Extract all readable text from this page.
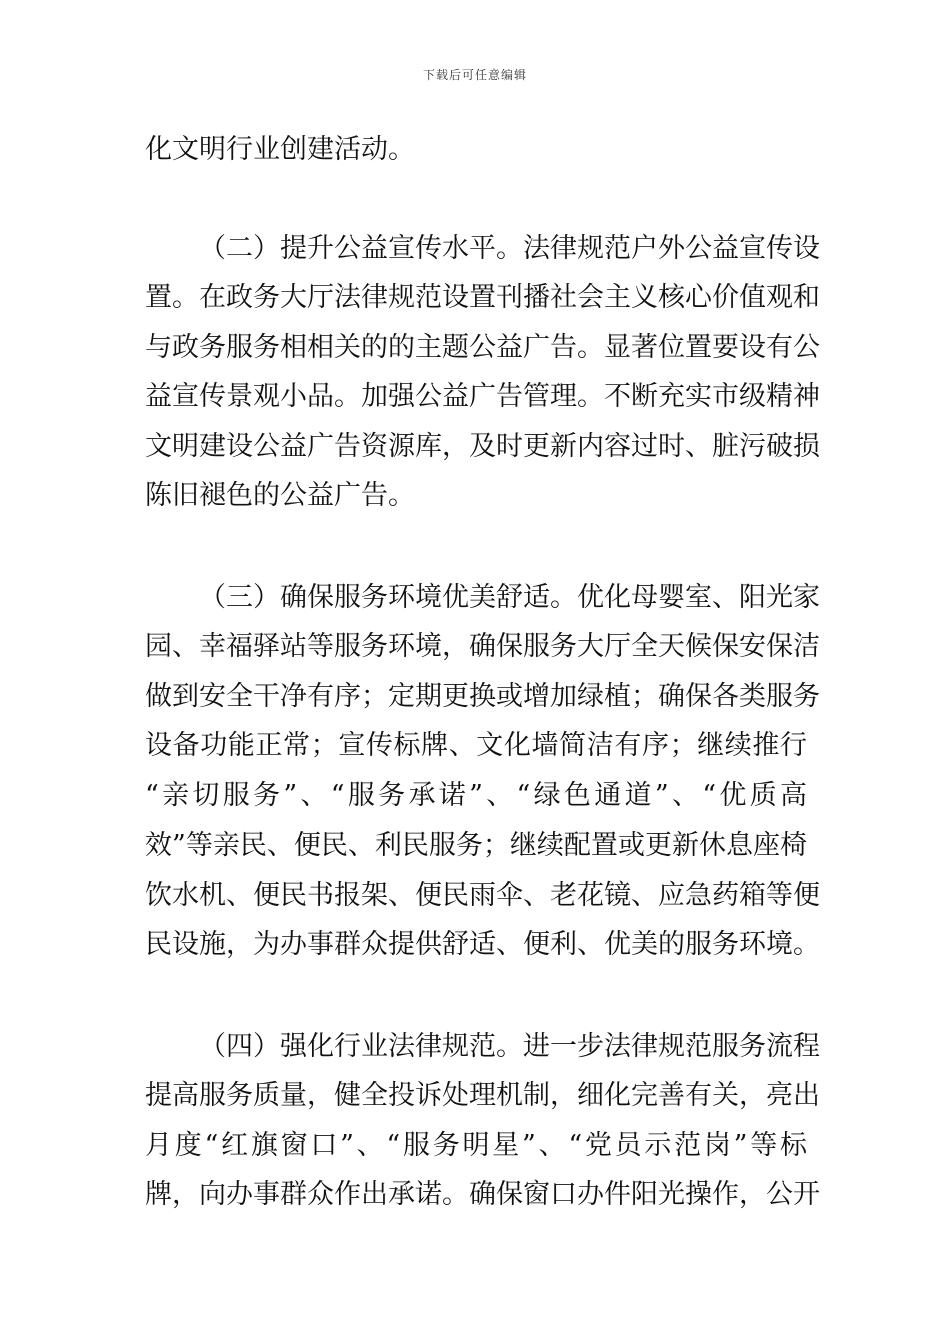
下载后可任意编辑
化文明行业创建活动。
（二）提升公益宣传水平。法律规范户外公益宣传设
置。在政务大厅法律规范设置刊播社会主义核心价值观和
与政务服务相相关的的主题公益广告。显著位置要设有公
益宣传景观小品。加强公益广告管理。不断充实市级精神
文明建设公益广告资源库，及时更新内容过时、脏污破损
陈旧褪色的公益广告。
（三）确保服务环境优美舒适。优化母婴室、阳光家
园、幸福驿站等服务环境，确保服务大厅全天候保安保洁
做到安全干净有序；定期更换或增加绿植；确保各类服务
设备功能正常；宣传标牌、文化墙简洁有序；继续推行
“亲切服务”、“服务承诺”、“绿色通道”、“优质高
效”等亲民、便民、利民服务；继续配置或更新休息座椅
饮水机、便民书报架、便民雨伞、老花镜、应急药箱等便
民设施，为办事群众提供舒适、便利、优美的服务环境。
（四）强化行业法律规范。进一步法律规范服务流程
提高服务质量，健全投诉处理机制，细化完善有关，亮出
月度“红旗窗口”、“服务明星”、“党员示范岗”等标
牌，向办事群众作出承诺。确保窗口办件阳光操作，公开
